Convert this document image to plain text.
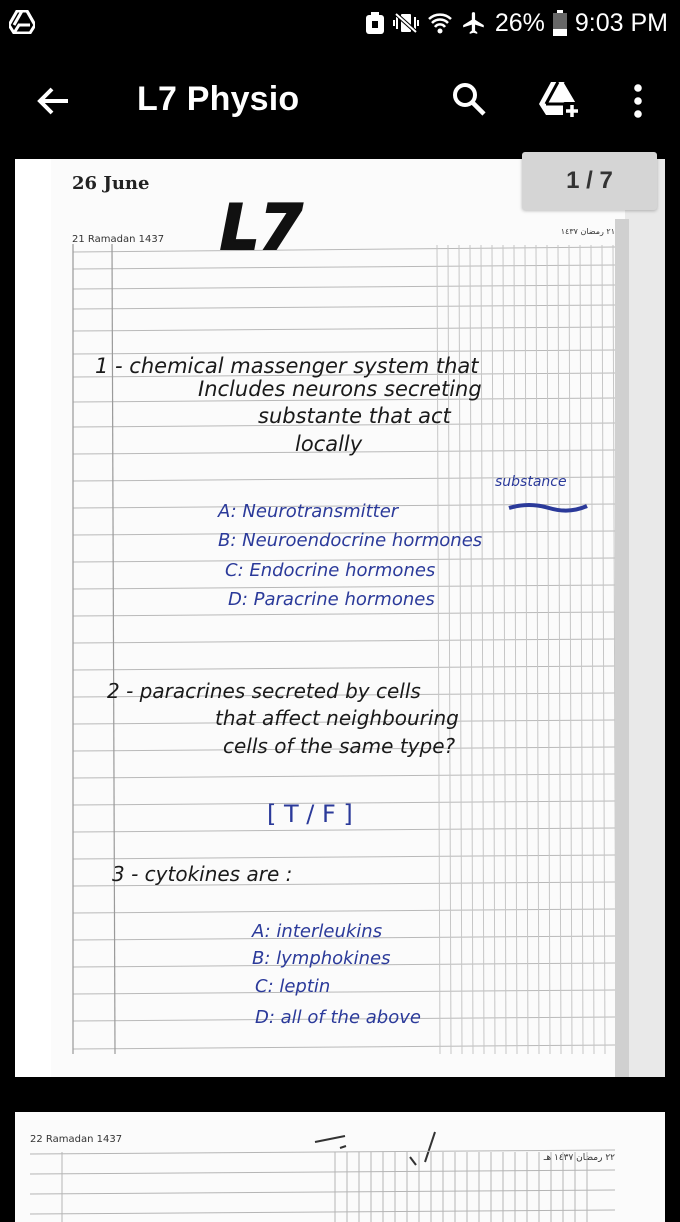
26% 9:03 PM
L7 Physio
26 June
21 Ramadan 1437
٢١ رمضان ١٤٣٧
L7
1 - chemical massenger system that
Includes neurons secreting
substante that act
locally
substance
A: Neurotransmitter
B: Neuroendocrine hormones
C: Endocrine hormones
D: Paracrine hormones
2 - paracrines secreted by cells
that affect neighbouring
cells of the same type?
[ T / F ]
3 - cytokines are :
A: interleukins
B: lymphokines
C: leptin
D: all of the above
1 / 7
22 Ramadan 1437
٢٢ رمضان ١٤٣٧ هـ
